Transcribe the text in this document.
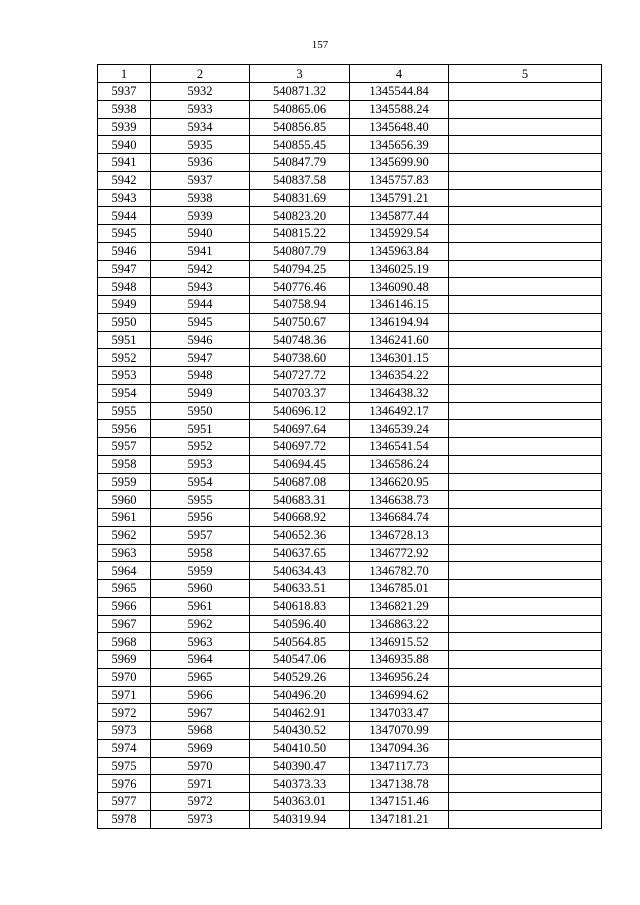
157
1	2	3	4	5
5937	5932	540871.32	1345544.84	
5938	5933	540865.06	1345588.24	
5939	5934	540856.85	1345648.40	
5940	5935	540855.45	1345656.39	
5941	5936	540847.79	1345699.90	
5942	5937	540837.58	1345757.83	
5943	5938	540831.69	1345791.21	
5944	5939	540823.20	1345877.44	
5945	5940	540815.22	1345929.54	
5946	5941	540807.79	1345963.84	
5947	5942	540794.25	1346025.19	
5948	5943	540776.46	1346090.48	
5949	5944	540758.94	1346146.15	
5950	5945	540750.67	1346194.94	
5951	5946	540748.36	1346241.60	
5952	5947	540738.60	1346301.15	
5953	5948	540727.72	1346354.22	
5954	5949	540703.37	1346438.32	
5955	5950	540696.12	1346492.17	
5956	5951	540697.64	1346539.24	
5957	5952	540697.72	1346541.54	
5958	5953	540694.45	1346586.24	
5959	5954	540687.08	1346620.95	
5960	5955	540683.31	1346638.73	
5961	5956	540668.92	1346684.74	
5962	5957	540652.36	1346728.13	
5963	5958	540637.65	1346772.92	
5964	5959	540634.43	1346782.70	
5965	5960	540633.51	1346785.01	
5966	5961	540618.83	1346821.29	
5967	5962	540596.40	1346863.22	
5968	5963	540564.85	1346915.52	
5969	5964	540547.06	1346935.88	
5970	5965	540529.26	1346956.24	
5971	5966	540496.20	1346994.62	
5972	5967	540462.91	1347033.47	
5973	5968	540430.52	1347070.99	
5974	5969	540410.50	1347094.36	
5975	5970	540390.47	1347117.73	
5976	5971	540373.33	1347138.78	
5977	5972	540363.01	1347151.46	
5978	5973	540319.94	1347181.21	
